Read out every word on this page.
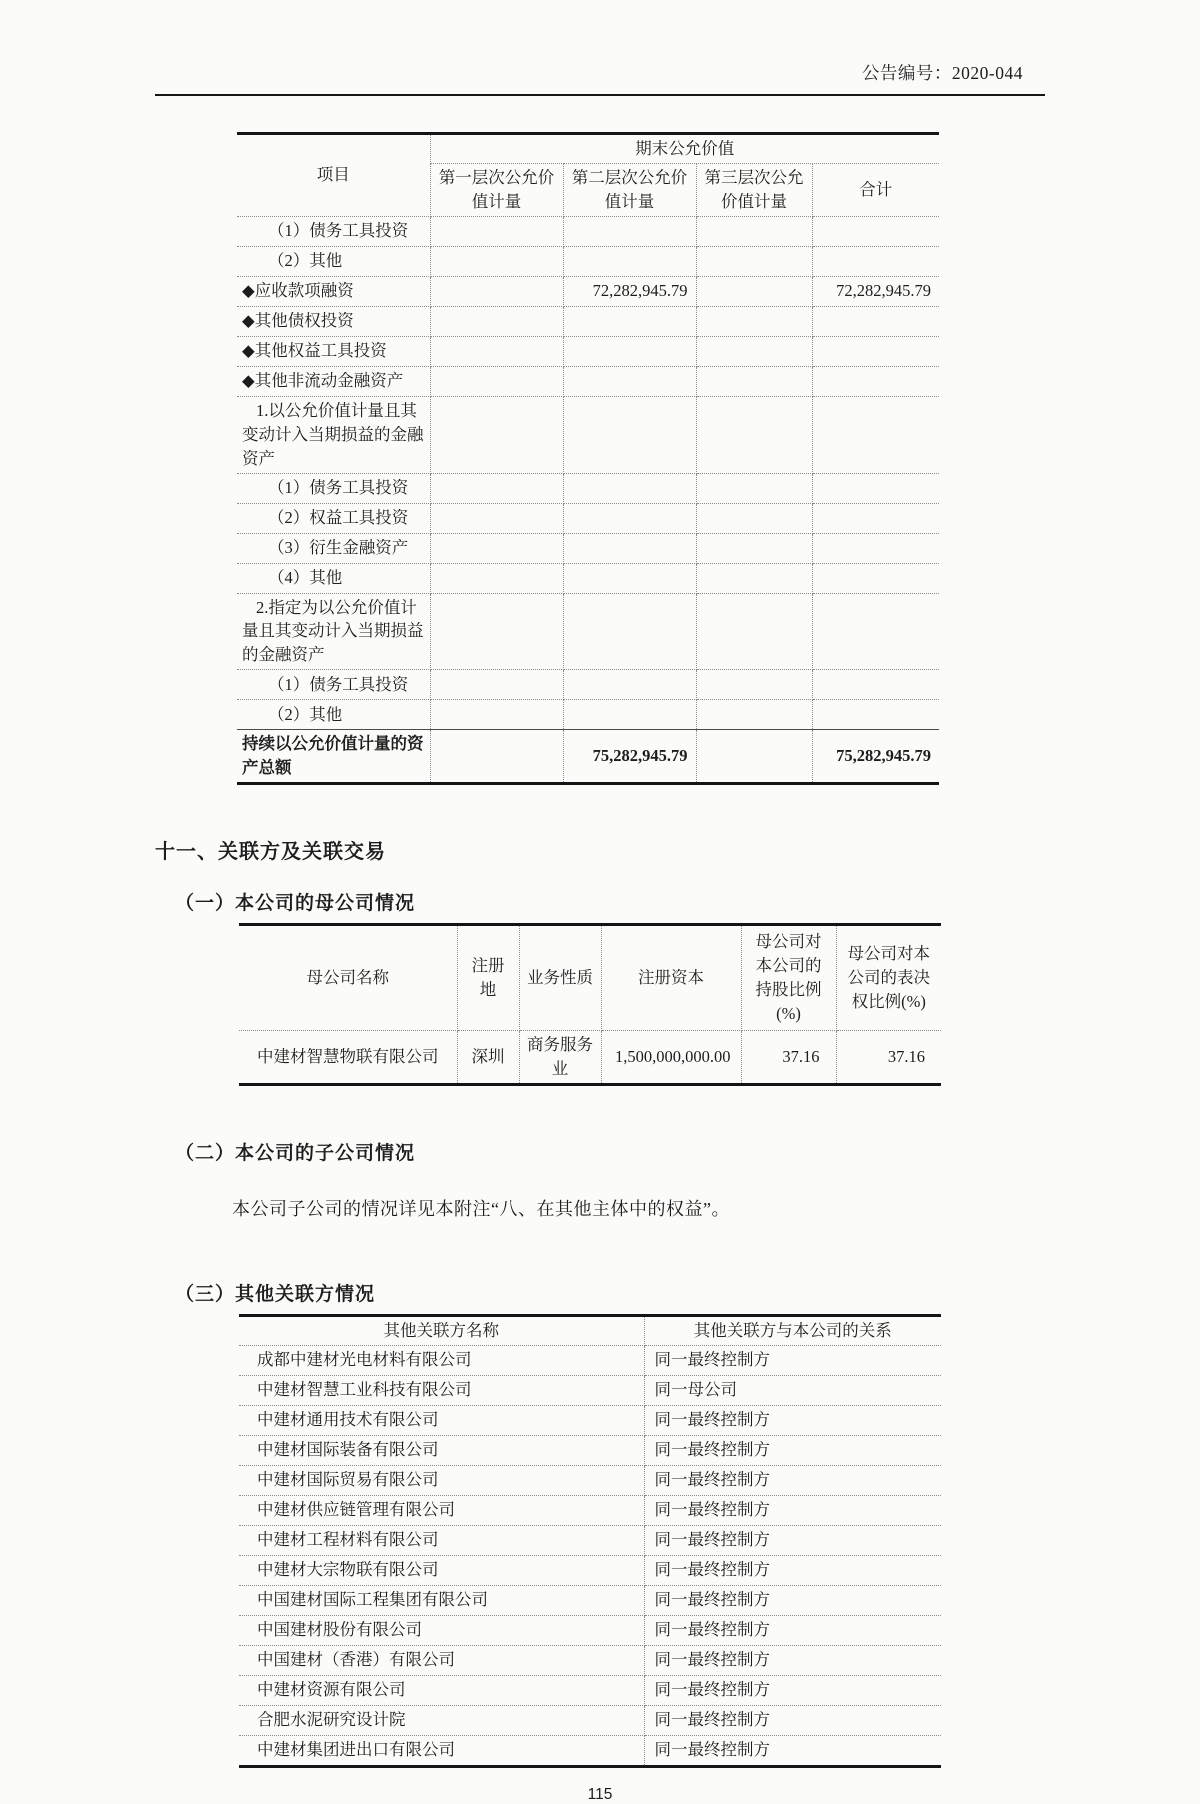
公告编号：2020-044
项目	期末公允价值			
	第一层次公允价值计量	第二层次公允价值计量	第三层次公允价值计量	合计
（1）债务工具投资				
（2）其他				
◆应收款项融资		72,282,945.79		72,282,945.79
◆其他债权投资				
◆其他权益工具投资				
◆其他非流动金融资产				
1.以公允价值计量且其变动计入当期损益的金融资产				
（1）债务工具投资				
（2）权益工具投资				
（3）衍生金融资产				
（4）其他				
2.指定为以公允价值计量且其变动计入当期损益的金融资产				
（1）债务工具投资				
（2）其他				
持续以公允价值计量的资产总额		75,282,945.79		75,282,945.79
十一、关联方及关联交易
（一）本公司的母公司情况
母公司名称	注册地	业务性质	注册资本	母公司对本公司的持股比例(%)	母公司对本公司的表决权比例(%)
中建材智慧物联有限公司	深圳	商务服务业	1,500,000,000.00	37.16	37.16
（二）本公司的子公司情况
本公司子公司的情况详见本附注“八、在其他主体中的权益”。
（三）其他关联方情况
其他关联方名称	其他关联方与本公司的关系
成都中建材光电材料有限公司	同一最终控制方
中建材智慧工业科技有限公司	同一母公司
中建材通用技术有限公司	同一最终控制方
中建材国际装备有限公司	同一最终控制方
中建材国际贸易有限公司	同一最终控制方
中建材供应链管理有限公司	同一最终控制方
中建材工程材料有限公司	同一最终控制方
中建材大宗物联有限公司	同一最终控制方
中国建材国际工程集团有限公司	同一最终控制方
中国建材股份有限公司	同一最终控制方
中国建材（香港）有限公司	同一最终控制方
中建材资源有限公司	同一最终控制方
合肥水泥研究设计院	同一最终控制方
中建材集团进出口有限公司	同一最终控制方
115
